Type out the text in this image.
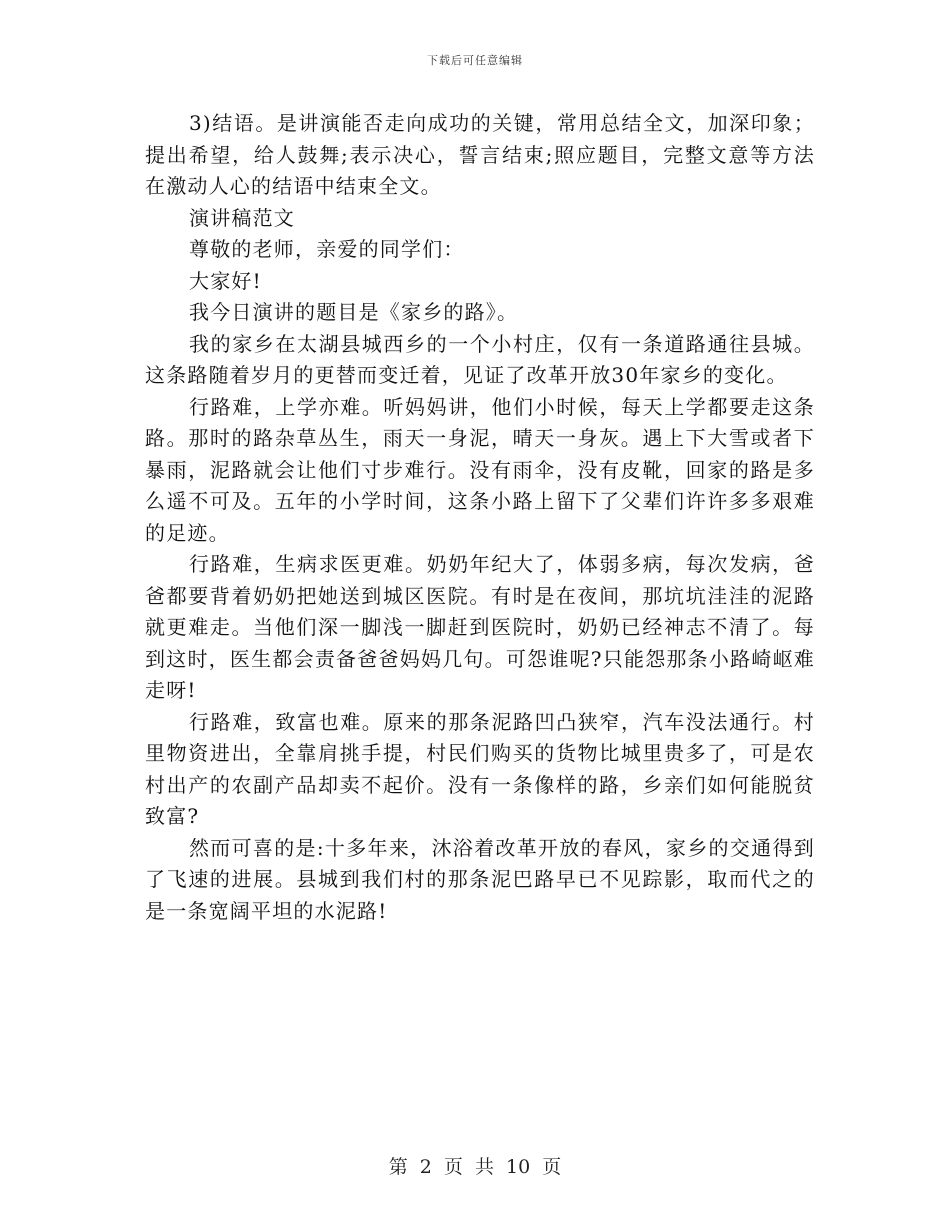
下载后可任意编辑

3)结语。是讲演能否走向成功的关键，常用总结全文，加深印象；提出希望，给人鼓舞;表示决心，誓言结束;照应题目，完整文意等方法在激动人心的结语中结束全文。

演讲稿范文

尊敬的老师，亲爱的同学们：

大家好!

我今日演讲的题目是《家乡的路》。

我的家乡在太湖县城西乡的一个小村庄，仅有一条道路通往县城。这条路随着岁月的更替而变迁着，见证了改革开放30年家乡的变化。

行路难，上学亦难。听妈妈讲，他们小时候，每天上学都要走这条路。那时的路杂草丛生，雨天一身泥，晴天一身灰。遇上下大雪或者下暴雨，泥路就会让他们寸步难行。没有雨伞，没有皮靴，回家的路是多么遥不可及。五年的小学时间，这条小路上留下了父辈们许许多多艰难的足迹。

行路难，生病求医更难。奶奶年纪大了，体弱多病，每次发病，爸爸都要背着奶奶把她送到城区医院。有时是在夜间，那坑坑洼洼的泥路就更难走。当他们深一脚浅一脚赶到医院时，奶奶已经神志不清了。每到这时，医生都会责备爸爸妈妈几句。可怨谁呢?只能怨那条小路崎岖难走呀!

行路难，致富也难。原来的那条泥路凹凸狭窄，汽车没法通行。村里物资进出，全靠肩挑手提，村民们购买的货物比城里贵多了，可是农村出产的农副产品却卖不起价。没有一条像样的路，乡亲们如何能脱贫致富?

然而可喜的是:十多年来，沐浴着改革开放的春风，家乡的交通得到了飞速的进展。县城到我们村的那条泥巴路早已不见踪影，取而代之的是一条宽阔平坦的水泥路!

第 2 页 共 10 页
